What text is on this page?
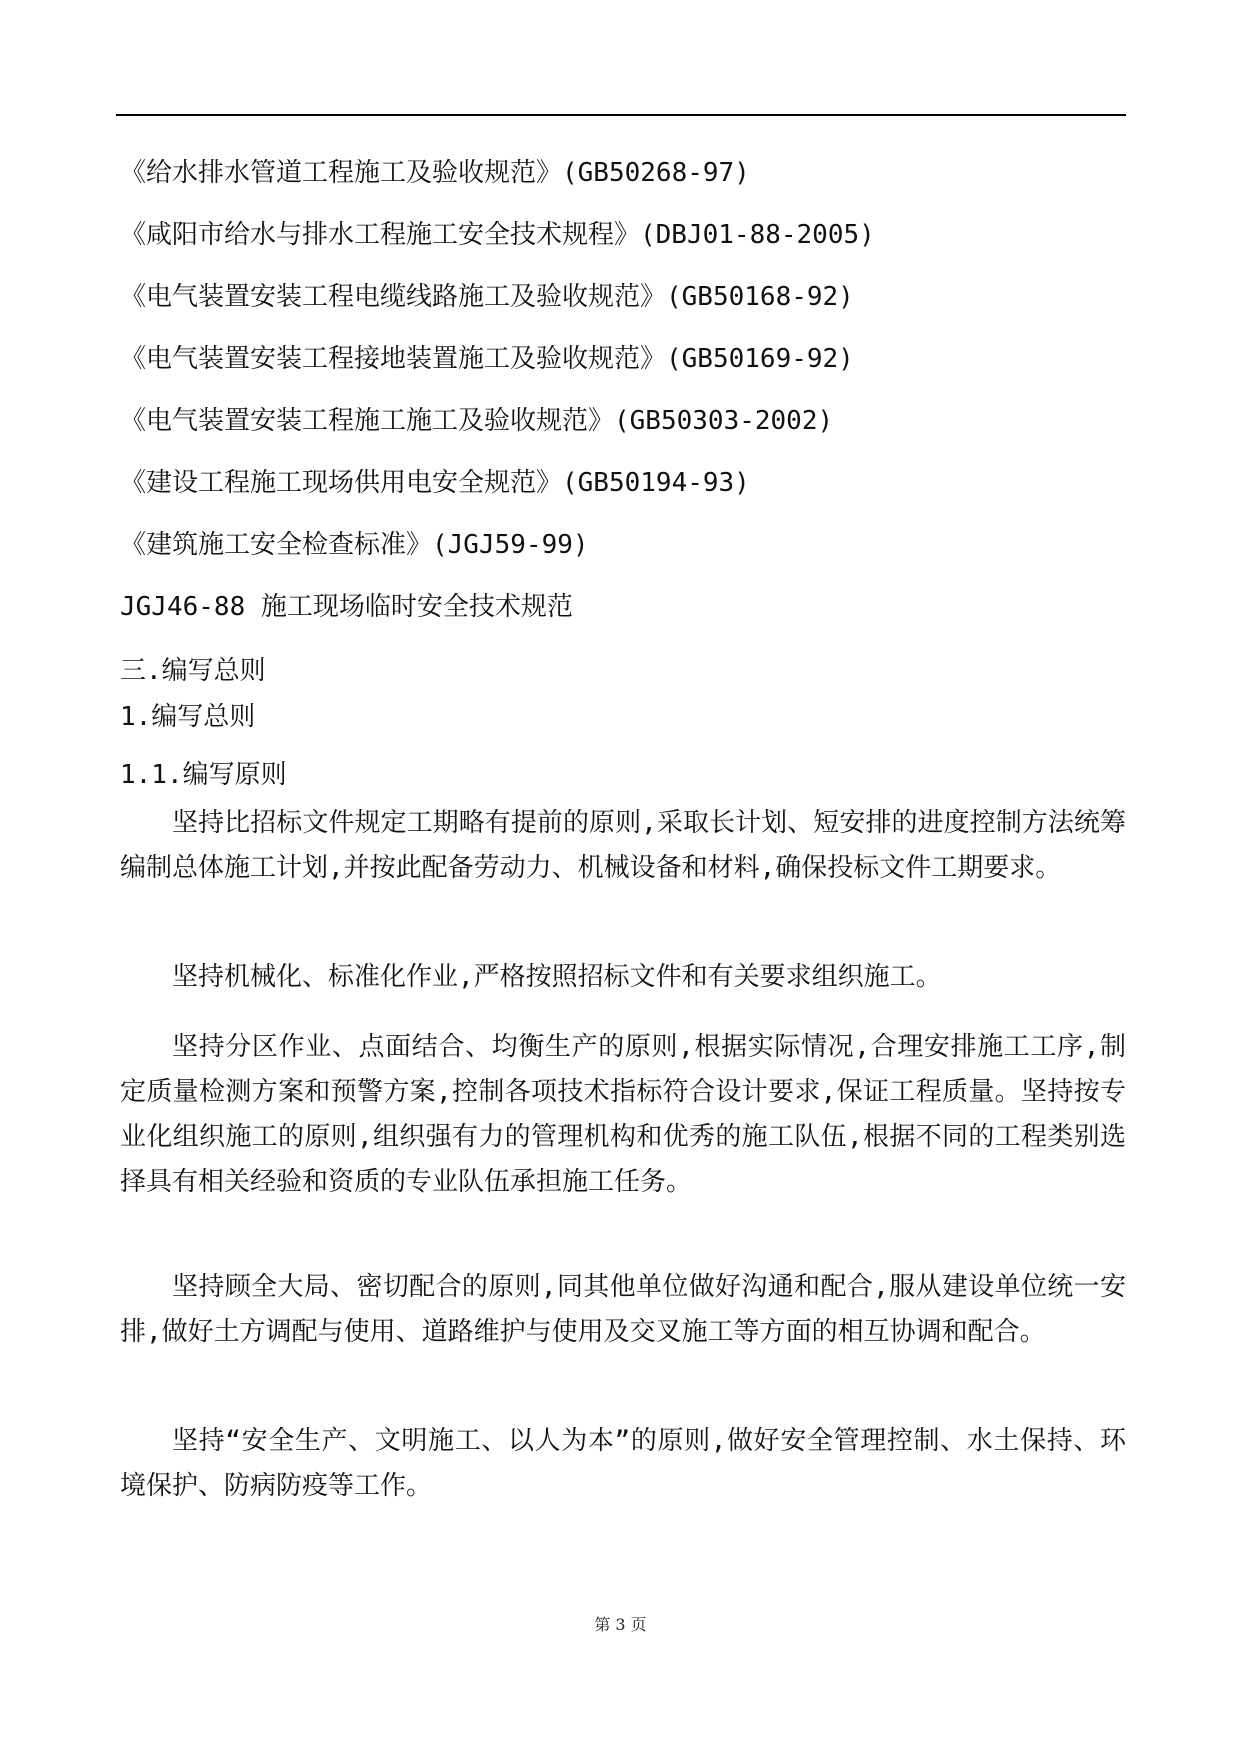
《给水排水管道工程施工及验收规范》(GB50268-97)
《咸阳市给水与排水工程施工安全技术规程》(DBJ01-88-2005)
《电气装置安装工程电缆线路施工及验收规范》(GB50168-92)
《电气装置安装工程接地装置施工及验收规范》(GB50169-92)
《电气装置安装工程施工施工及验收规范》(GB50303-2002)
《建设工程施工现场供用电安全规范》(GB50194-93)
《建筑施工安全检查标准》(JGJ59-99)
JGJ46-88 施工现场临时安全技术规范
三.编写总则
1.编写总则
1.1.编写原则

坚持比招标文件规定工期略有提前的原则,采取长计划、短安排的进度控制方法统筹编制总体施工计划,并按此配备劳动力、机械设备和材料,确保投标文件工期要求。

坚持机械化、标准化作业,严格按照招标文件和有关要求组织施工。

坚持分区作业、点面结合、均衡生产的原则,根据实际情况,合理安排施工工序,制定质量检测方案和预警方案,控制各项技术指标符合设计要求,保证工程质量。坚持按专业化组织施工的原则,组织强有力的管理机构和优秀的施工队伍,根据不同的工程类别选择具有相关经验和资质的专业队伍承担施工任务。

坚持顾全大局、密切配合的原则,同其他单位做好沟通和配合,服从建设单位统一安排,做好土方调配与使用、道路维护与使用及交叉施工等方面的相互协调和配合。

坚持“安全生产、文明施工、以人为本”的原则,做好安全管理控制、水土保持、环境保护、防病防疫等工作。

第 3 页
